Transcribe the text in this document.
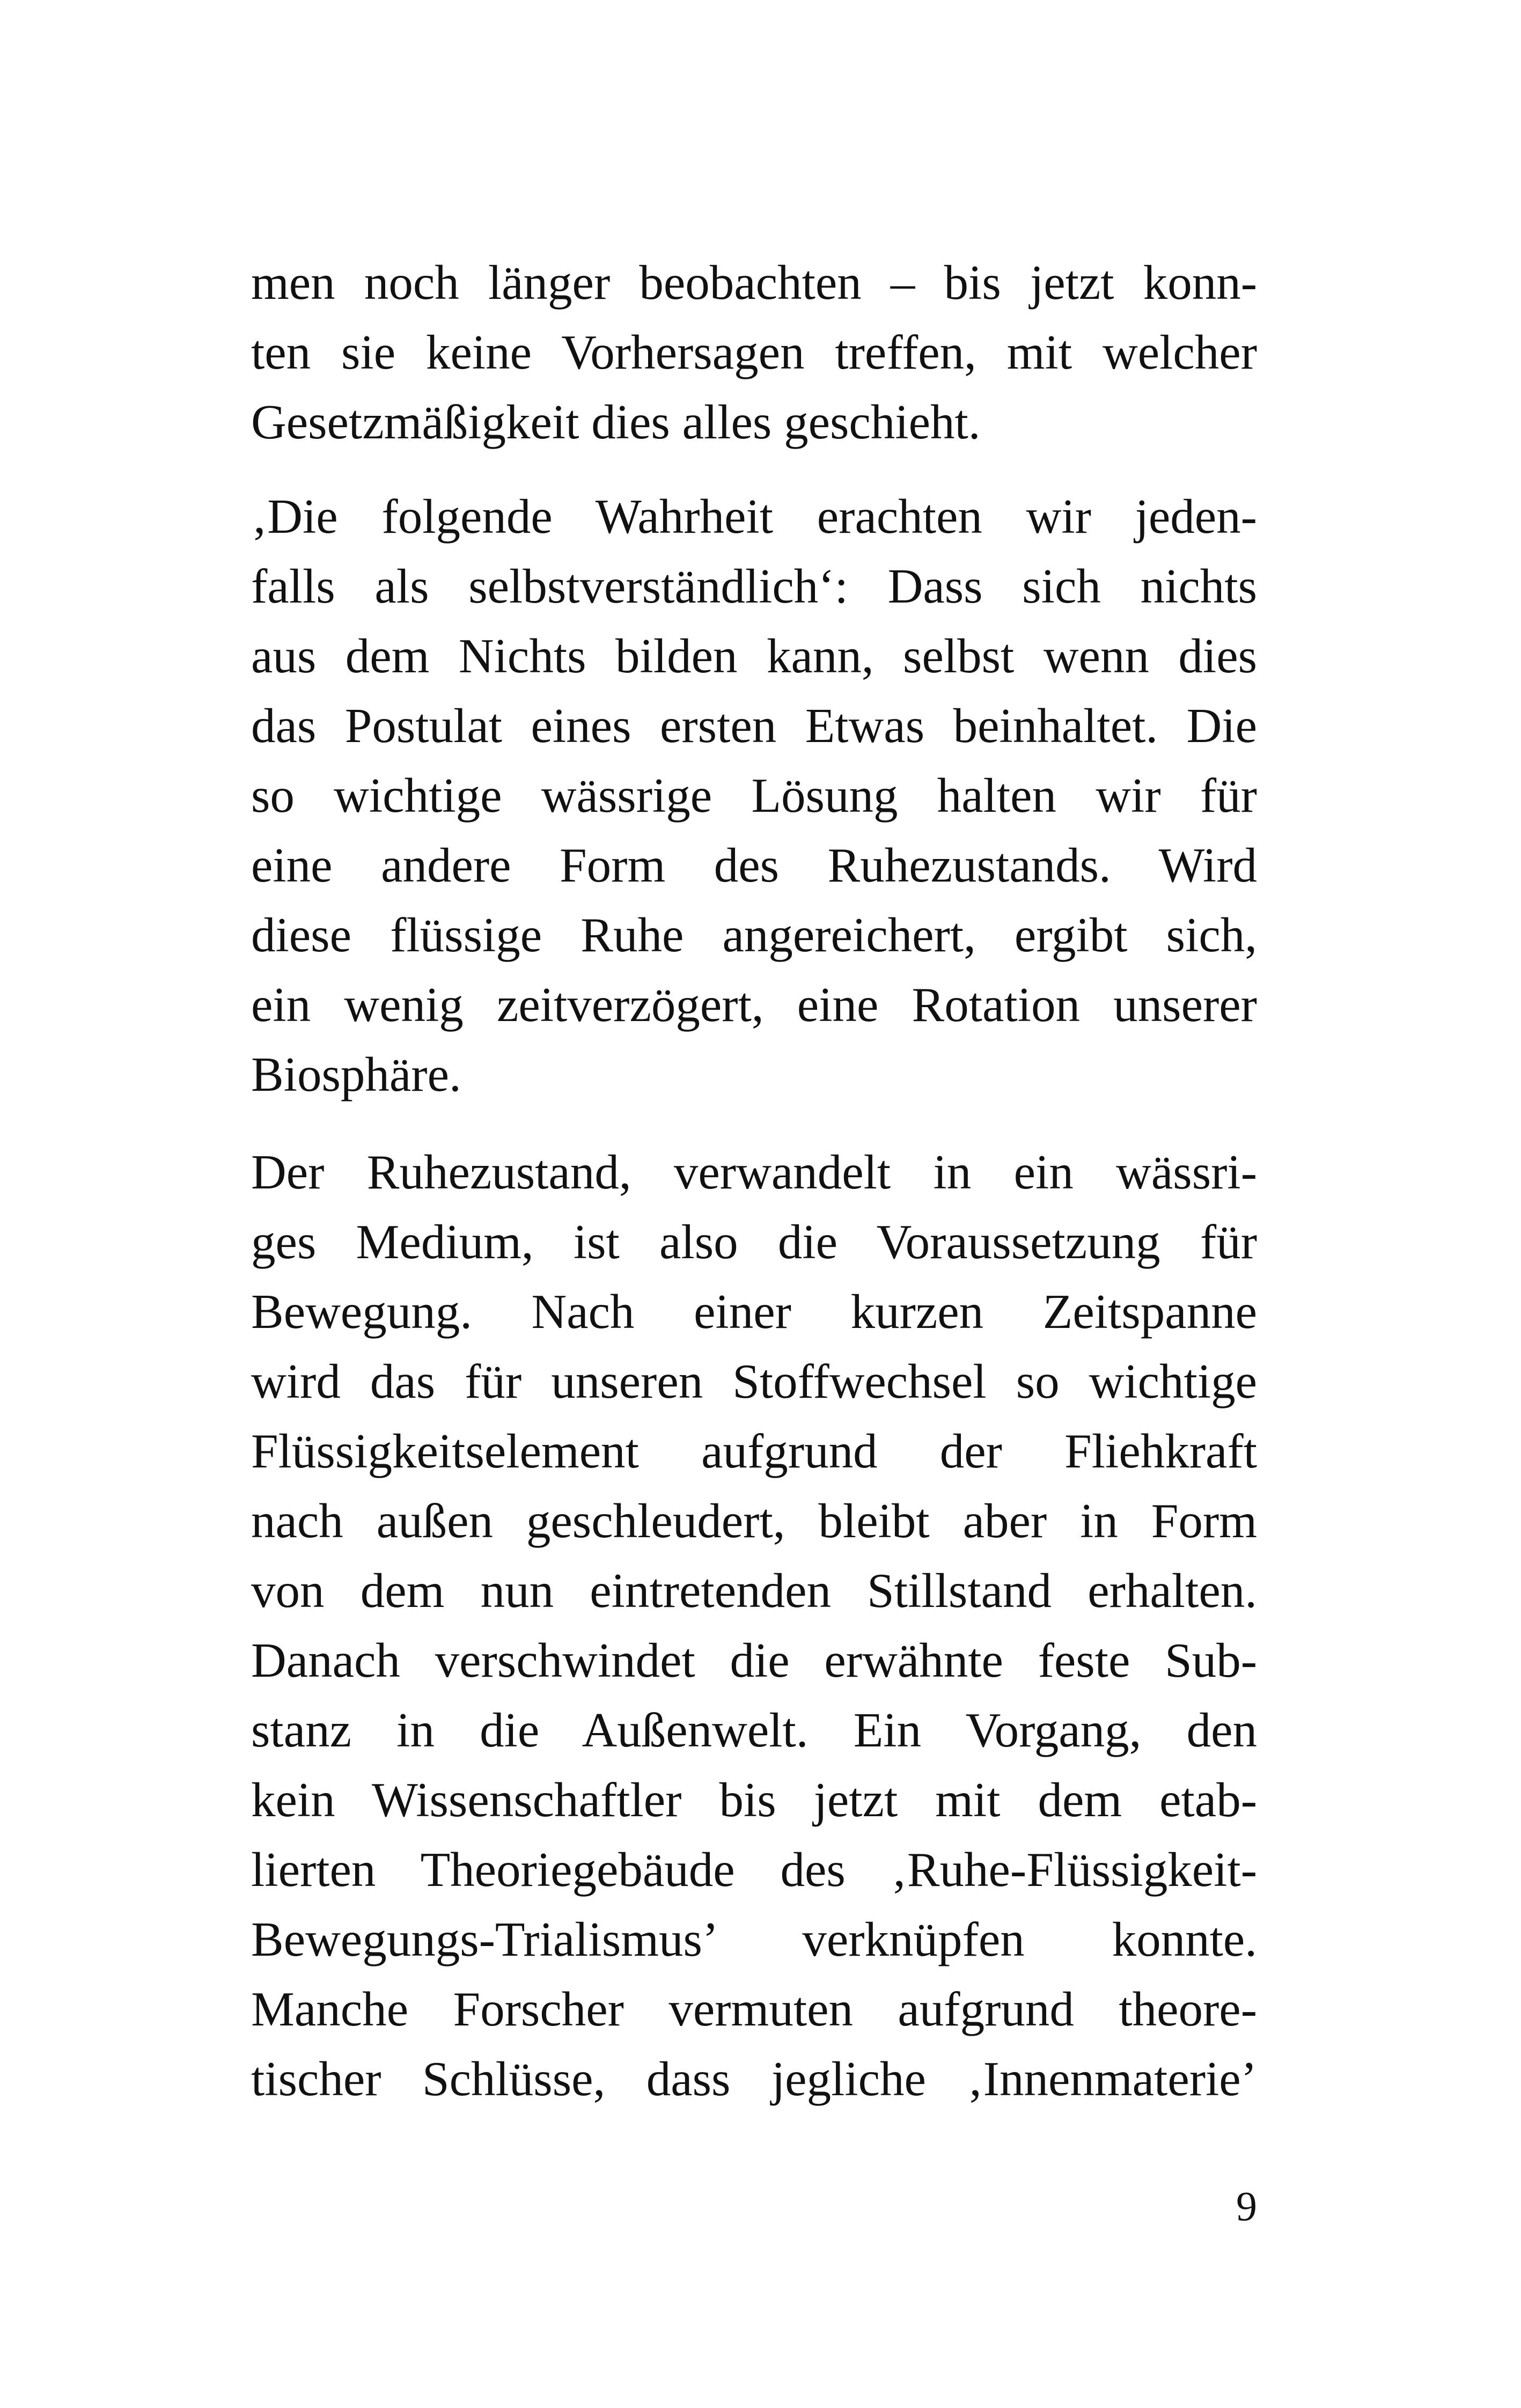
men noch länger beobachten – bis jetzt konn-
ten sie keine Vorhersagen treffen, mit welcher
Gesetzmäßigkeit dies alles geschieht.
‚Die folgende Wahrheit erachten wir jeden-
falls als selbstverständlich‘: Dass sich nichts
aus dem Nichts bilden kann, selbst wenn dies
das Postulat eines ersten Etwas beinhaltet. Die
so wichtige wässrige Lösung halten wir für
eine andere Form des Ruhezustands. Wird
diese flüssige Ruhe angereichert, ergibt sich,
ein wenig zeitverzögert, eine Rotation unserer
Biosphäre.
Der Ruhezustand, verwandelt in ein wässri-
ges Medium, ist also die Voraussetzung für
Bewegung. Nach einer kurzen Zeitspanne
wird das für unseren Stoffwechsel so wichtige
Flüssigkeitselement aufgrund der Fliehkraft
nach außen geschleudert, bleibt aber in Form
von dem nun eintretenden Stillstand erhalten.
Danach verschwindet die erwähnte feste Sub-
stanz in die Außenwelt. Ein Vorgang, den
kein Wissenschaftler bis jetzt mit dem etab-
lierten Theoriegebäude des ‚Ruhe-Flüssigkeit-
Bewegungs-Trialismus’ verknüpfen konnte.
Manche Forscher vermuten aufgrund theore-
tischer Schlüsse, dass jegliche ‚Innenmaterie’
9
